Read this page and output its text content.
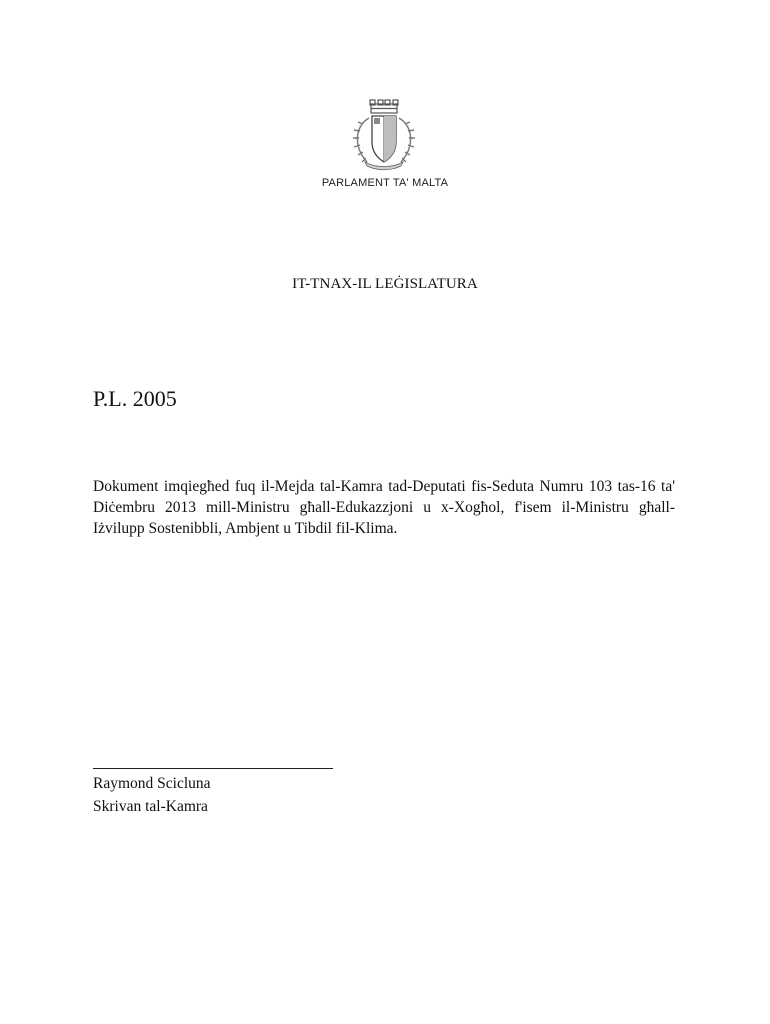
PARLAMENT TA' MALTA
IT-TNAX-IL LEĠISLATURA
P.L. 2005
Dokument imqiegħed fuq il-Mejda tal-Kamra tad-Deputati fis-Seduta Numru 103 tas-16 ta' Diċembru 2013 mill-Ministru għall-Edukazzjoni u x-Xogħol, f'isem il-Ministru għall-Iżvilupp Sostenibbli, Ambjent u Tibdil fil-Klima.
Raymond Scicluna
Skrivan tal-Kamra
